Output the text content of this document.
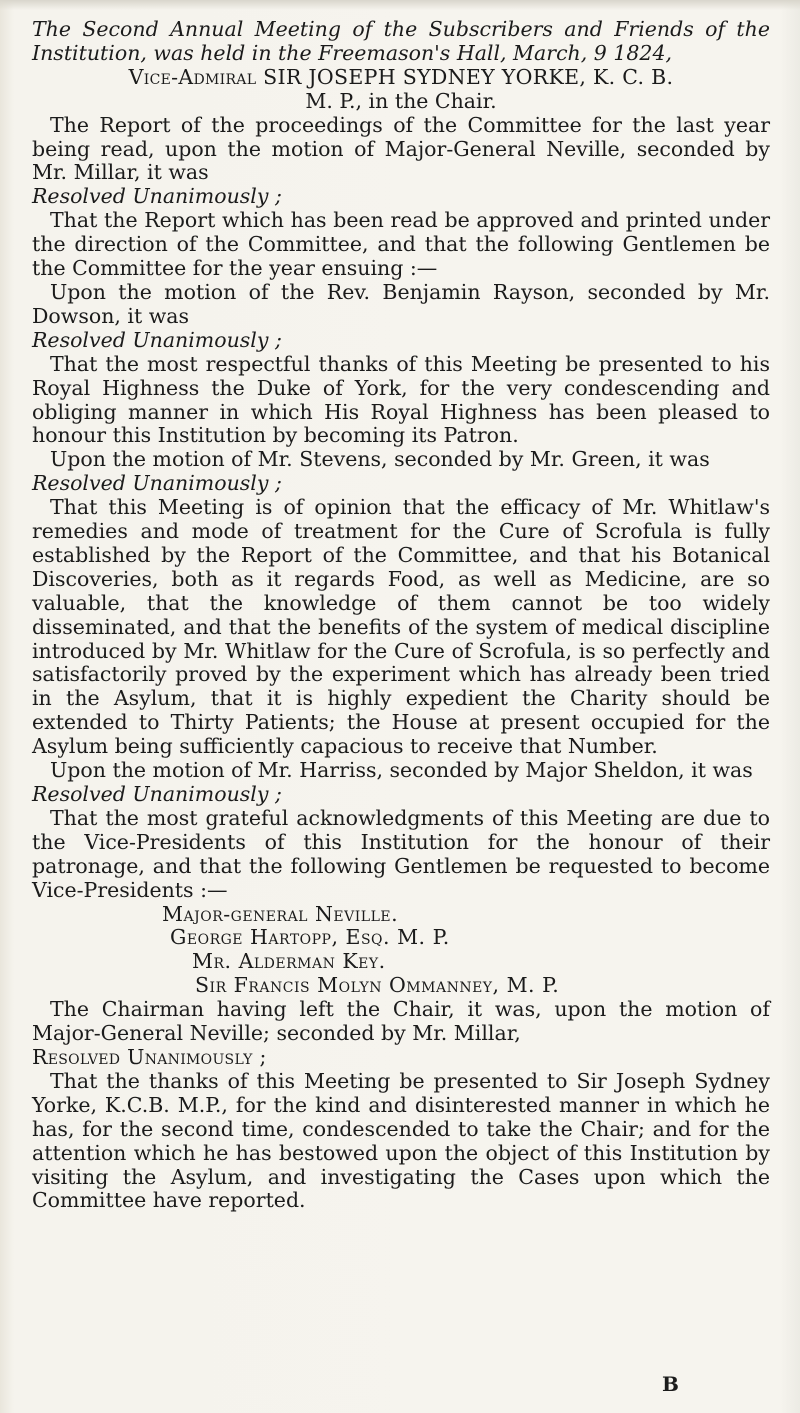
The Second Annual Meeting of the Subscribers and Friends of the Institution, was held in the Freemason's Hall, March, 9 1824,

Vice-Admiral SIR JOSEPH SYDNEY YORKE, K. C. B.
M. P., in the Chair.

The Report of the proceedings of the Committee for the last year being read, upon the motion of Major-General Neville, seconded by Mr. Millar, it was

Resolved Unanimously ;

That the Report which has been read be approved and printed under the direction of the Committee, and that the following Gentlemen be the Committee for the year ensuing :—

Upon the motion of the Rev. Benjamin Rayson, seconded by Mr. Dowson, it was

Resolved Unanimously ;

That the most respectful thanks of this Meeting be presented to his Royal Highness the Duke of York, for the very condescending and obliging manner in which His Royal Highness has been pleased to honour this Institution by becoming its Patron.

Upon the motion of Mr. Stevens, seconded by Mr. Green, it was

Resolved Unanimously ;

That this Meeting is of opinion that the efficacy of Mr. Whitlaw's remedies and mode of treatment for the Cure of Scrofula is fully established by the Report of the Committee, and that his Botanical Discoveries, both as it regards Food, as well as Medicine, are so valuable, that the knowledge of them cannot be too widely disseminated, and that the benefits of the system of medical discipline introduced by Mr. Whitlaw for the Cure of Scrofula, is so perfectly and satisfactorily proved by the experiment which has already been tried in the Asylum, that it is highly expedient the Charity should be extended to Thirty Patients; the House at present occupied for the Asylum being sufficiently capacious to receive that Number.

Upon the motion of Mr. Harriss, seconded by Major Sheldon, it was

Resolved Unanimously ;

That the most grateful acknowledgments of this Meeting are due to the Vice-Presidents of this Institution for the honour of their patronage, and that the following Gentlemen be requested to become Vice-Presidents :—

Major-general Neville.

George Hartopp, Esq. M. P.

Mr. Alderman Key.

Sir Francis Molyn Ommanney, M. P.

The Chairman having left the Chair, it was, upon the motion of Major-General Neville; seconded by Mr. Millar,

Resolved Unanimously ;

That the thanks of this Meeting be presented to Sir Joseph Sydney Yorke, K.C.B. M.P., for the kind and disinterested manner in which he has, for the second time, condescended to take the Chair; and for the attention which he has bestowed upon the object of this Institution by visiting the Asylum, and investigating the Cases upon which the Committee have reported.

B
